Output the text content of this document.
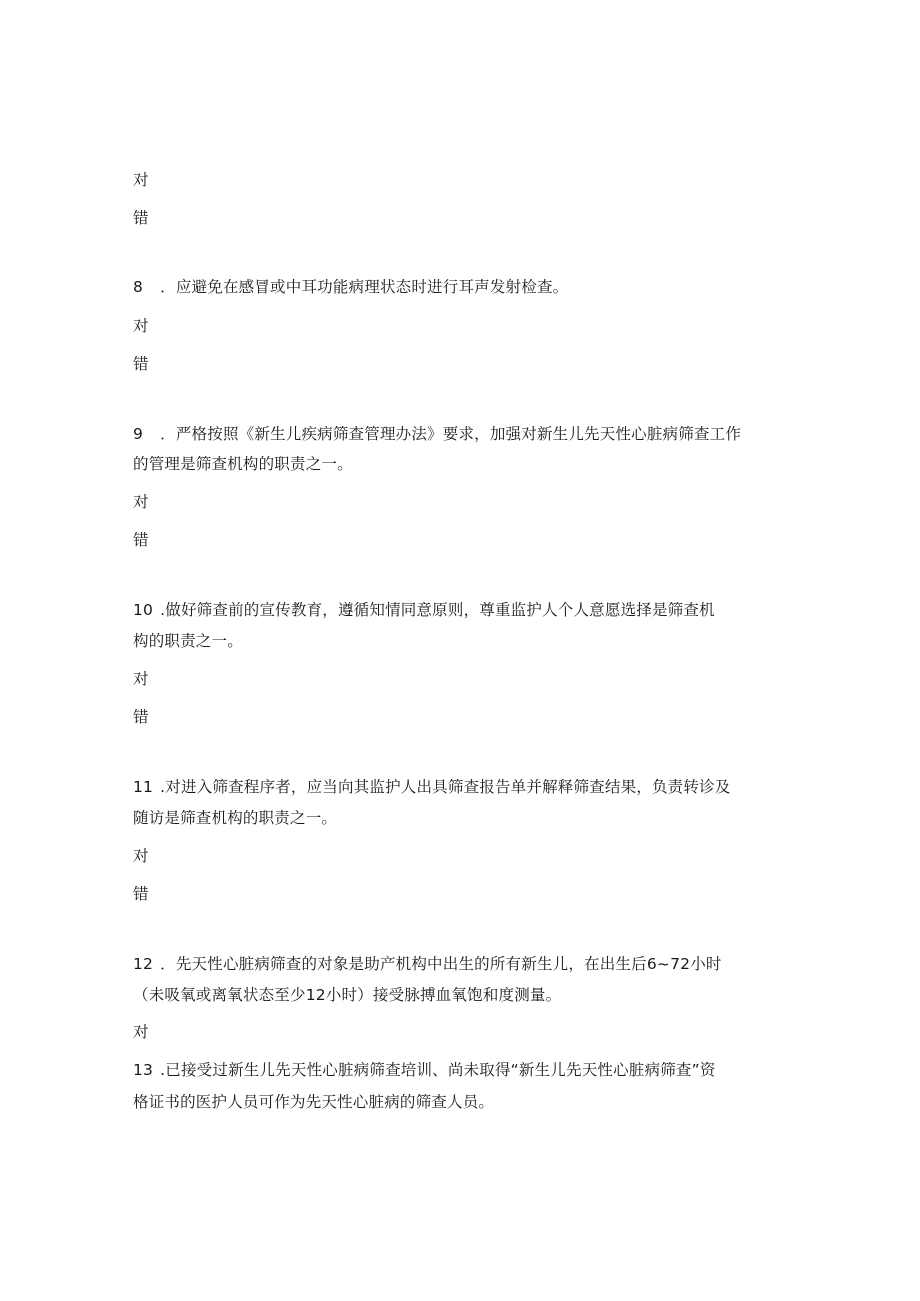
对
错
8 ．应避免在感冒或中耳功能病理状态时进行耳声发射检查。
对
错
9 ．严格按照《新生儿疾病筛查管理办法》要求，加强对新生儿先天性心脏病筛查工作
的管理是筛查机构的职责之一。
对
错
10 .做好筛查前的宣传教育，遵循知情同意原则，尊重监护人个人意愿选择是筛查机
构的职责之一。
对
错
11 .对进入筛查程序者，应当向其监护人出具筛查报告单并解释筛查结果，负责转诊及
随访是筛查机构的职责之一。
对
错
12 ．先天性心脏病筛查的对象是助产机构中出生的所有新生儿，在出生后6~72小时
（未吸氧或离氧状态至少12小时）接受脉搏血氧饱和度测量。
对
13 .已接受过新生儿先天性心脏病筛查培训、尚未取得“新生儿先天性心脏病筛查”资
格证书的医护人员可作为先天性心脏病的筛查人员。
